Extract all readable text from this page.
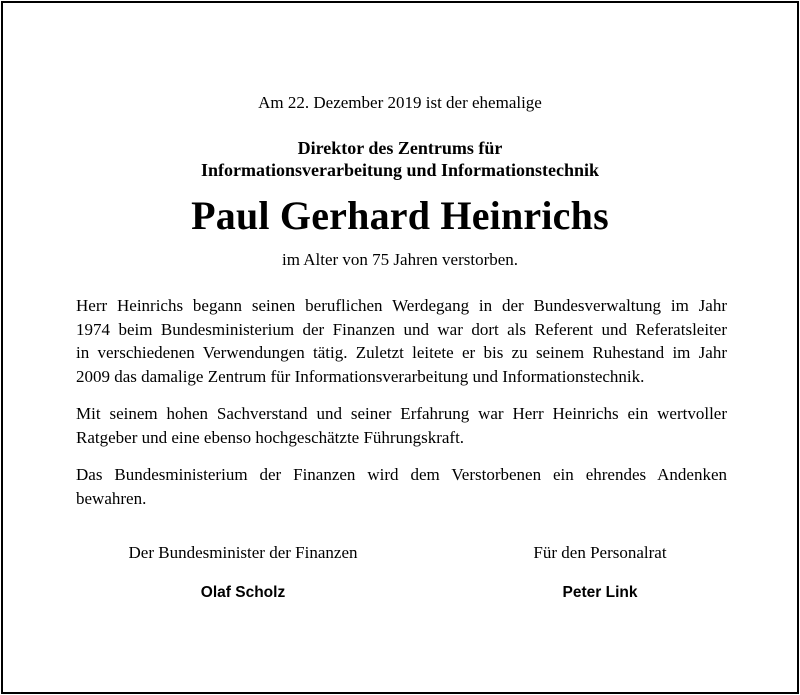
Am 22. Dezember 2019 ist der ehemalige
Direktor des Zentrums für
Informationsverarbeitung und Informationstechnik
Paul Gerhard Heinrichs
im Alter von 75 Jahren verstorben.
Herr Heinrichs begann seinen beruflichen Werdegang in der Bundesverwaltung im Jahr
1974 beim Bundesministerium der Finanzen und war dort als Referent und Referatsleiter
in verschiedenen Verwendungen tätig. Zuletzt leitete er bis zu seinem Ruhestand im Jahr
2009 das damalige Zentrum für Informationsverarbeitung und Informationstechnik.
Mit seinem hohen Sachverstand und seiner Erfahrung war Herr Heinrichs ein wertvoller
Ratgeber und eine ebenso hochgeschätzte Führungskraft.
Das Bundesministerium der Finanzen wird dem Verstorbenen ein ehrendes Andenken
bewahren.
Der Bundesminister der Finanzen
Olaf Scholz
Für den Personalrat
Peter Link
